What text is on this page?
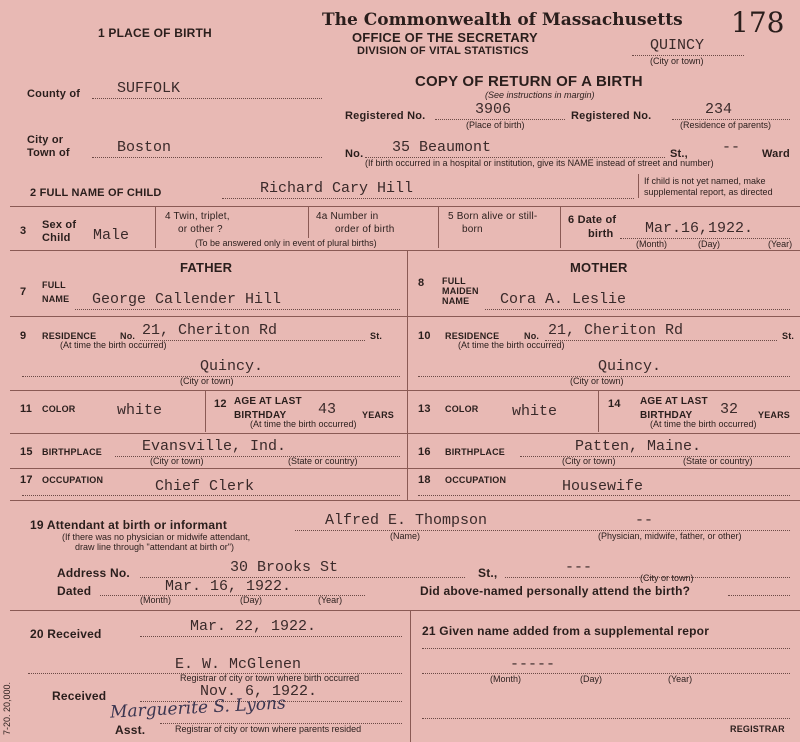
1 PLACE OF BIRTH
The Commonwealth of Massachusetts
OFFICE OF THE SECRETARY
DIVISION OF VITAL STATISTICS
178
QUINCY
(City or town)
COPY OF RETURN OF A BIRTH
(See instructions in margin)
County of SUFFOLK
Registered No.	3906
(Place of birth)
Registered No.	234
(Residence of parents)
City or
Town of	Boston	No. 35 Beaumont	St., -- Ward
(If birth occurred in a hospital or institution, give its NAME instead of street and number)
2 FULL NAME OF CHILD	Richard Cary Hill	If child is not yet named, make
supplemental report, as directed
3 Sex of
Child Male
4 Twin, triplet,
or other ?
4a Number in
order of birth
(To be answered only in event of plural births)
5 Born alive or still-
born
6 Date of
birth Mar.16,1922.
(Month)	(Day)	(Year)
FATHER	MOTHER
7
FULL
NAME George Callender Hill
8 FULL
MAIDEN
NAME Cora A. Leslie
9 RESIDENCE	No. 21, Cheriton Rd	St.
(At time the birth occurred)
Quincy.
(City or town)
10 RESIDENCE	No. 21, Cheriton Rd	St.
(At time the birth occurred)
Quincy.
(City or town)
11 COLOR	white	12 AGE AT LAST
BIRTHDAY 43	YEARS
(At time the birth occurred)
13 COLOR white	14 AGE AT LAST
BIRTHDAY 32 YEARS
(At time the birth occurred)
15 BIRTHPLACE	Evansville, Ind.
(City or town)	(State or country)
16 BIRTHPLACE	Patten, Maine.
(City or town)	(State or country)
17 OCCUPATION	Chief Clerk	18 OCCUPATION	Housewife
19 Attendant at birth or informant	Alfred E. Thompson	--
(If there was no physician or midwife attendant,
draw line through "attendant at birth or")
(Name)	(Physician, midwife, father, or other)
Address No.	30 Brooks St	St.,	---
(City or town)
Dated	Mar. 16, 1922.
(Month)	(Day)	(Year)
Did above-named personally attend the birth?
20 Received	Mar. 22, 1922.
E. W. McGlenen
Registrar of city or town where birth occurred
Received	Nov. 6, 1922.
Marguerite S. Lyons
Asst.	Registrar of city or town where parents resided
7-20. 20,000.
21 Given name added from a supplemental repor
-----
(Month)	(Day)	(Year)
REGISTRAR
